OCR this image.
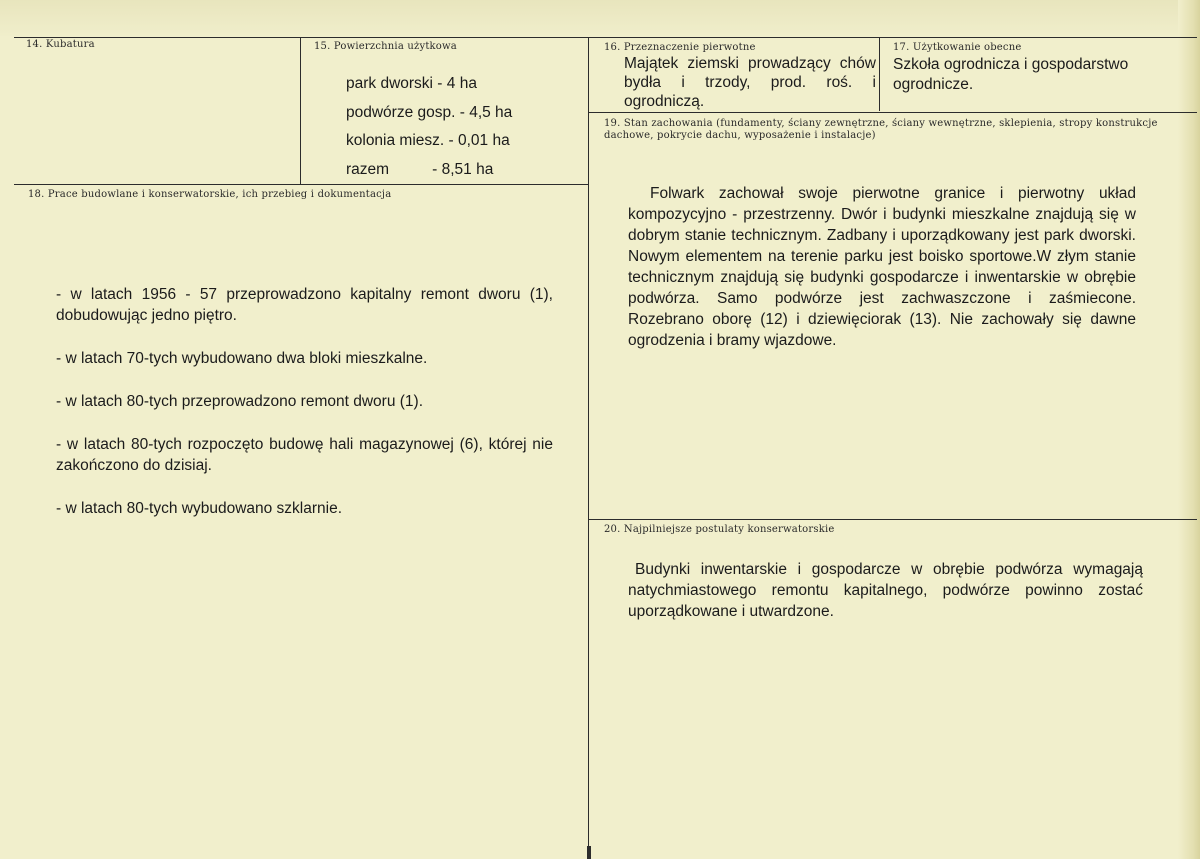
14. Kubatura	15. Powierzchnia użytkowa
park dworski - 4 ha
podwórze gosp. - 4,5 ha
kolonia miesz. - 0,01 ha
razem          - 8,51 ha
16. Przeznaczenie pierwotne
Majątek ziemski prowadzący chów bydła i trzody, prod. roś. i ogrodniczą.
17. Użytkowanie obecne
Szkoła ogrodnicza i gospodarstwo ogrodnicze.
18. Prace budowlane i konserwatorskie, ich przebieg i dokumentacja

- w latach 1956 - 57 przeprowadzono kapitalny remont dworu (1), dobudowując jedno piętro.

- w latach 70-tych wybudowano dwa bloki mieszkalne.

- w latach 80-tych przeprowadzono remont dworu (1).

- w latach 80-tych rozpoczęto budowę hali magazynowej (6), której nie zakończono do dzisiaj.

- w latach 80-tych wybudowano szklarnie.

19. Stan zachowania (fundamenty, ściany zewnętrzne, ściany wewnętrzne, sklepienia, stropy konstrukcje dachowe, pokrycie dachu, wyposażenie i instalacje)
Folwark zachował swoje pierwotne granice i pierwotny układ kompozycyjno - przestrzenny. Dwór i budynki mieszkalne znajdują się w dobrym stanie technicznym. Zadbany i uporządkowany jest park dworski. Nowym elementem na terenie parku jest boisko sportowe.W złym stanie technicznym znajdują się budynki gospodarcze i inwentarskie w obrębie podwórza. Samo podwórze jest zachwaszczone i zaśmiecone. Rozebrano oborę (12) i dziewięciorak (13). Nie zachowały się dawne ogrodzenia i bramy wjazdowe.
20. Najpilniejsze postulaty konserwatorskie
Budynki inwentarskie i gospodarcze w obrębie podwórza wymagają natychmiastowego remontu kapitalnego, podwórze powinno zostać uporządkowane i utwardzone.
